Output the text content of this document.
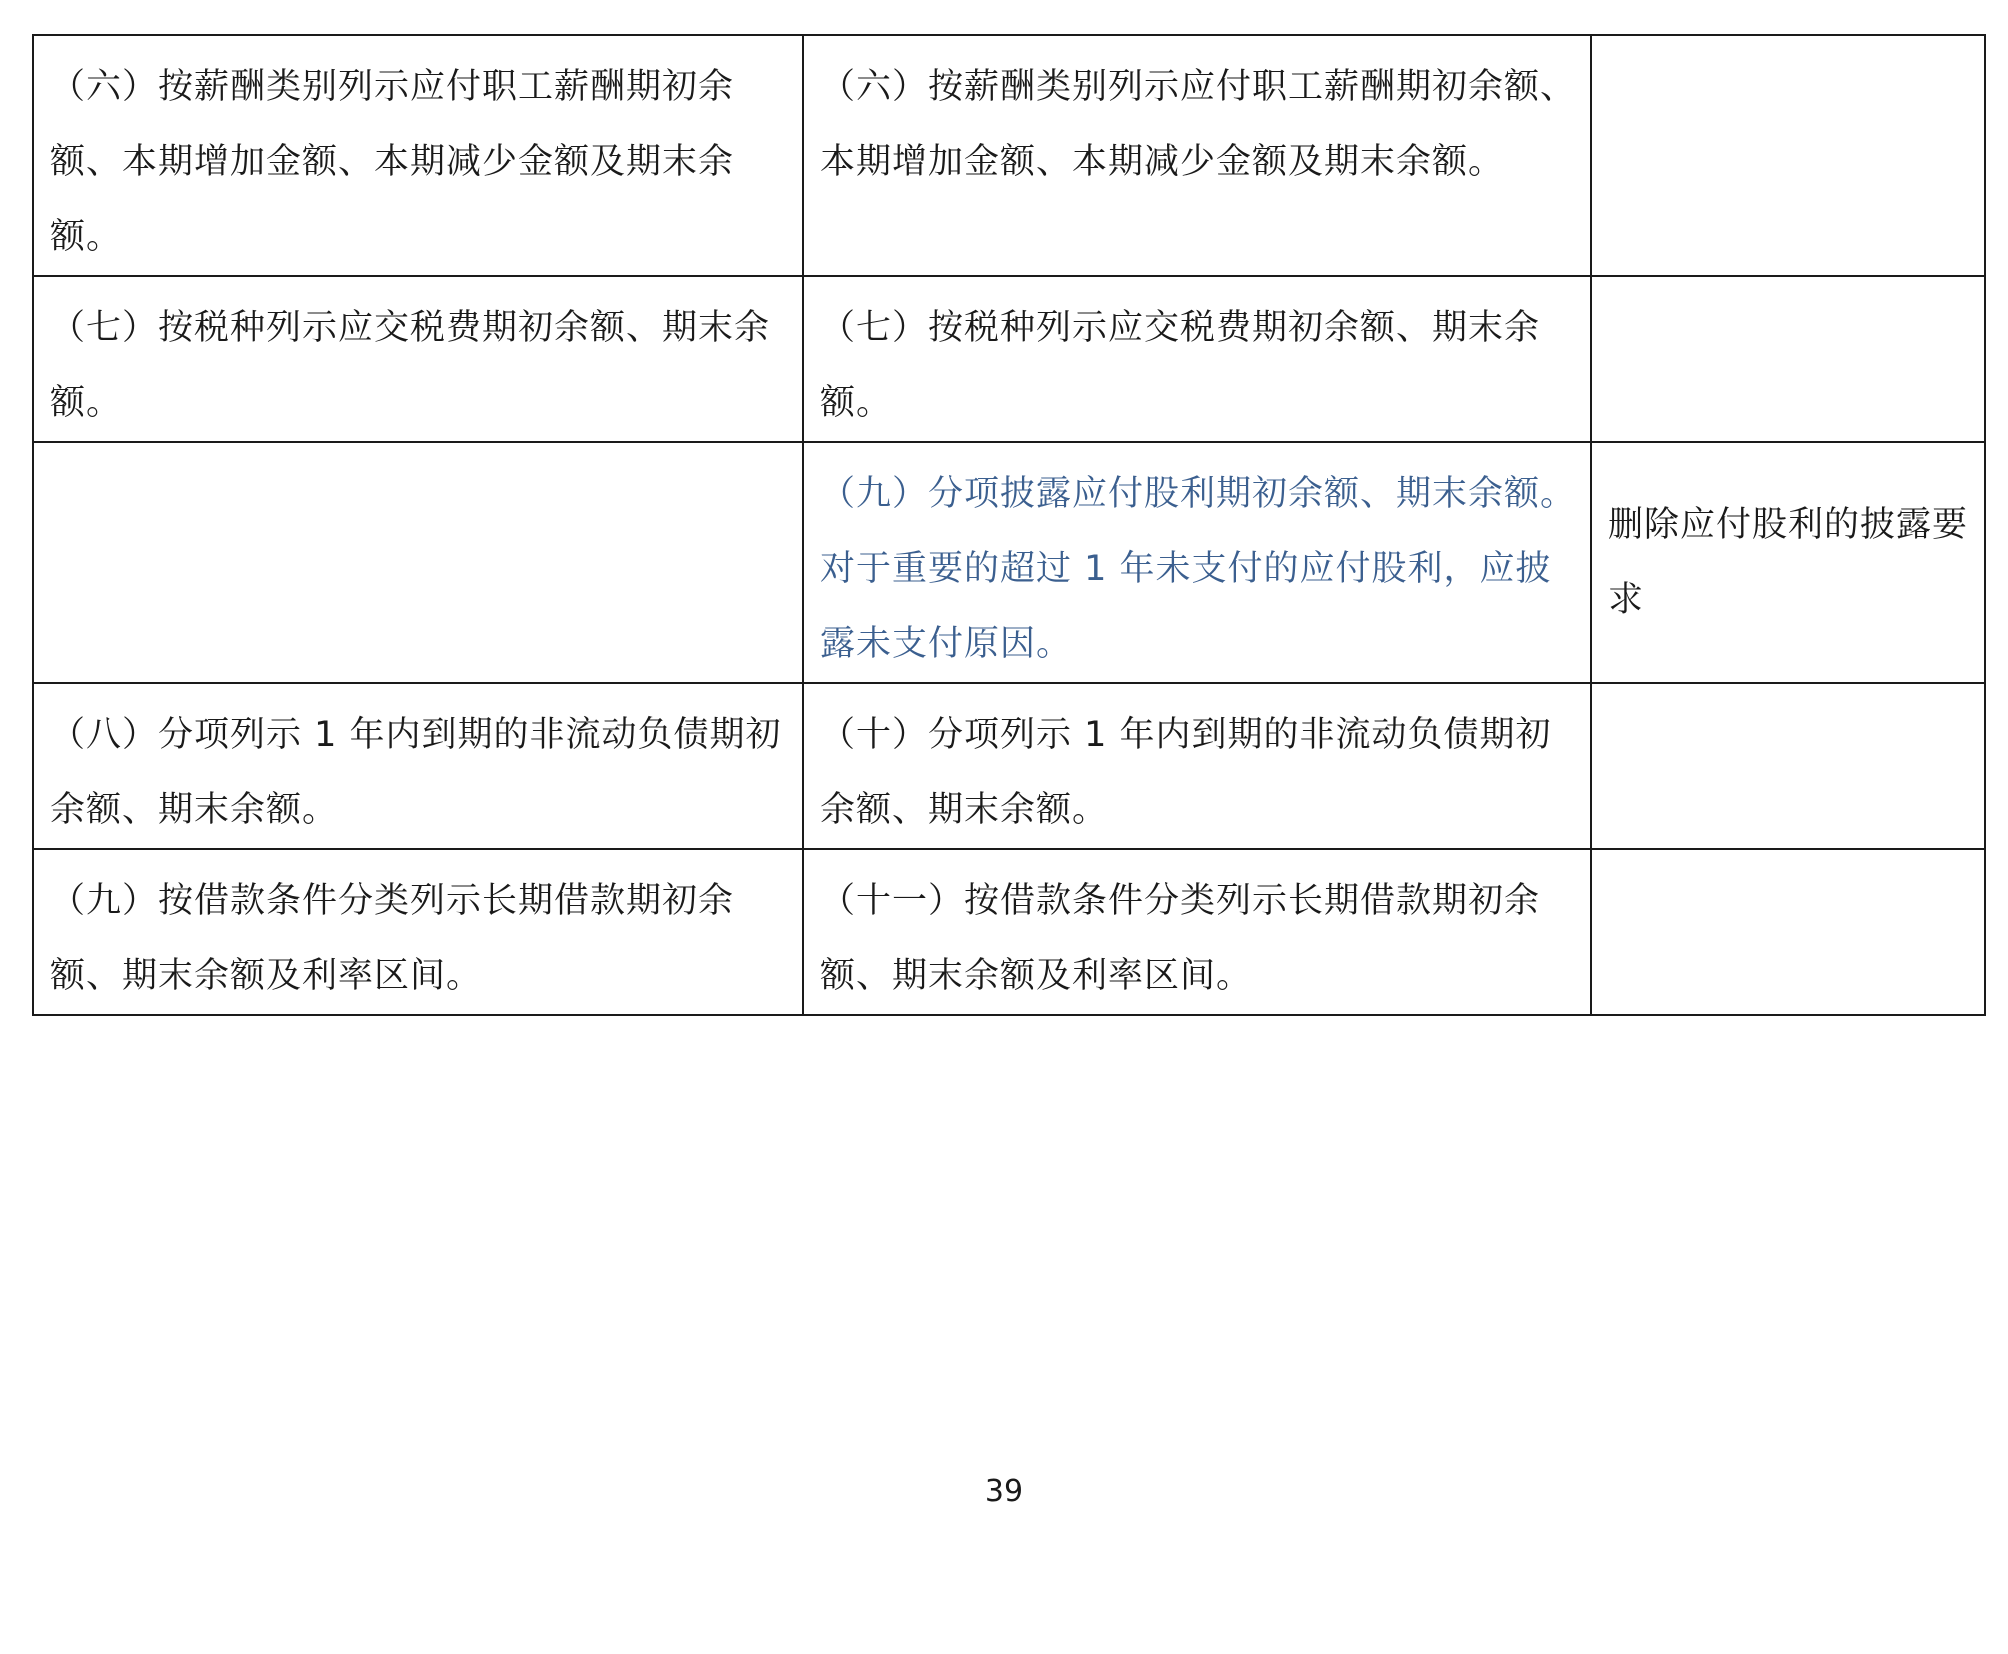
（六）按薪酬类别列示应付职工薪酬期初余额、本期增加金额、本期减少金额及期末余额。	（六）按薪酬类别列示应付职工薪酬期初余额、本期增加金额、本期减少金额及期末余额。	
（七）按税种列示应交税费期初余额、期末余额。	（七）按税种列示应交税费期初余额、期末余额。	
	（九）分项披露应付股利期初余额、期末余额。对于重要的超过 1 年未支付的应付股利，应披露未支付原因。	删除应付股利的披露要求
（八）分项列示 1 年内到期的非流动负债期初余额、期末余额。	（十）分项列示 1 年内到期的非流动负债期初余额、期末余额。	
（九）按借款条件分类列示长期借款期初余额、期末余额及利率区间。	（十一）按借款条件分类列示长期借款期初余额、期末余额及利率区间。	
39
